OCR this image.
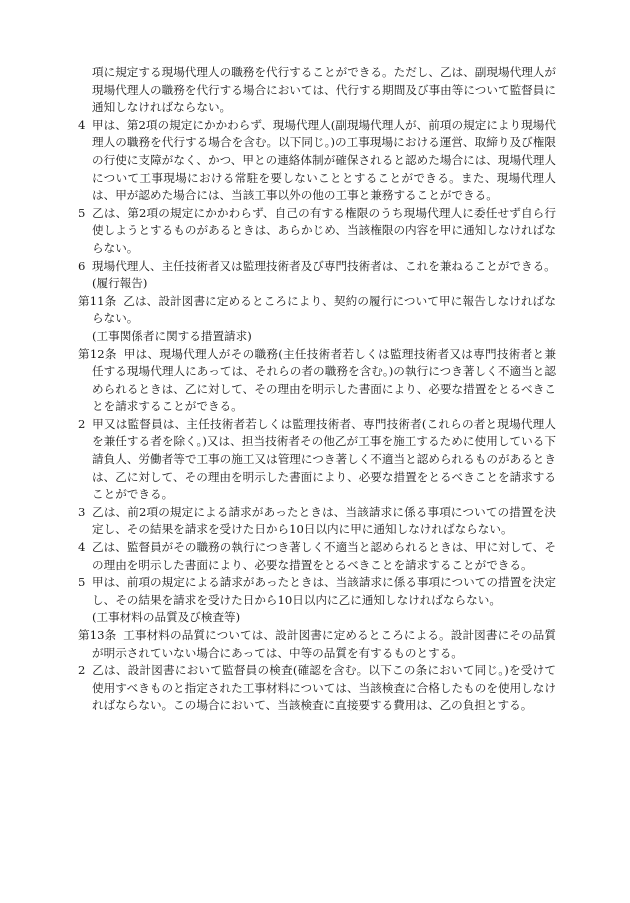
項に規定する現場代理人の職務を代行することができる。ただし、乙は、副現場代理人が現場代理人の職務を代行する場合においては、代行する期間及び事由等について監督員に通知しなければならない。

4 甲は、第2項の規定にかかわらず、現場代理人(副現場代理人が、前項の規定により現場代理人の職務を代行する場合を含む。以下同じ。)の工事現場における運営、取締り及び権限の行使に支障がなく、かつ、甲との連絡体制が確保されると認めた場合には、現場代理人について工事現場における常駐を要しないこととすることができる。また、現場代理人は、甲が認めた場合には、当該工事以外の他の工事と兼務することができる。

5 乙は、第2項の規定にかかわらず、自己の有する権限のうち現場代理人に委任せず自ら行使しようとするものがあるときは、あらかじめ、当該権限の内容を甲に通知しなければならない。

6 現場代理人、主任技術者又は監理技術者及び専門技術者は、これを兼ねることができる。

(履行報告)

第11条 乙は、設計図書に定めるところにより、契約の履行について甲に報告しなければならない。

(工事関係者に関する措置請求)

第12条 甲は、現場代理人がその職務(主任技術者若しくは監理技術者又は専門技術者と兼任する現場代理人にあっては、それらの者の職務を含む。)の執行につき著しく不適当と認められるときは、乙に対して、その理由を明示した書面により、必要な措置をとるべきことを請求することができる。

2 甲又は監督員は、主任技術者若しくは監理技術者、専門技術者(これらの者と現場代理人を兼任する者を除く。)又は、担当技術者その他乙が工事を施工するために使用している下請負人、労働者等で工事の施工又は管理につき著しく不適当と認められるものがあるときは、乙に対して、その理由を明示した書面により、必要な措置をとるべきことを請求することができる。

3 乙は、前2項の規定による請求があったときは、当該請求に係る事項についての措置を決定し、その結果を請求を受けた日から10日以内に甲に通知しなければならない。

4 乙は、監督員がその職務の執行につき著しく不適当と認められるときは、甲に対して、その理由を明示した書面により、必要な措置をとるべきことを請求することができる。

5 甲は、前項の規定による請求があったときは、当該請求に係る事項についての措置を決定し、その結果を請求を受けた日から10日以内に乙に通知しなければならない。

(工事材料の品質及び検査等)

第13条 工事材料の品質については、設計図書に定めるところによる。設計図書にその品質が明示されていない場合にあっては、中等の品質を有するものとする。

2 乙は、設計図書において監督員の検査(確認を含む。以下この条において同じ。)を受けて使用すべきものと指定された工事材料については、当該検査に合格したものを使用しなければならない。この場合において、当該検査に直接要する費用は、乙の負担とする。
